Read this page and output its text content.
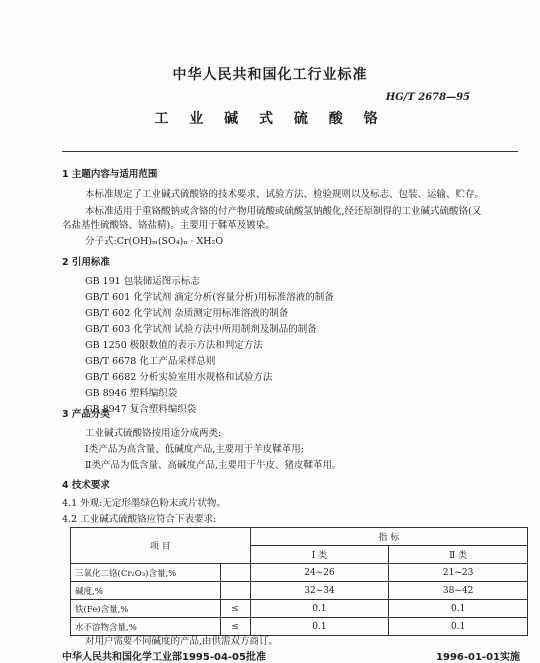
中华人民共和国化工行业标准
HG/T 2678—95
工 业 碱 式 硫 酸 铬
1 主题内容与适用范围
本标准规定了工业碱式硫酸铬的技术要求、试验方法、检验规则以及标志、包装、运输、贮存。
本标准适用于重铬酸钠或含铬的付产物用硫酸或硫酸氢钠酸化,经还原制得的工业碱式硫酸铬(又
名盐基性硫酸铬、铬盐精)。主要用于鞣革及镀染。
分子式:Cr(OH)ₘ(SO₄)ₙ · XH₂O
2 引用标准
GB 191 包装储运图示标志
GB/T 601 化学试剂 滴定分析(容量分析)用标准溶液的制备
GB/T 602 化学试剂 杂质测定用标准溶液的制备
GB/T 603 化学试剂 试验方法中所用制剂及制品的制备
GB 1250 极限数值的表示方法和判定方法
GB/T 6678 化工产品采样总则
GB/T 6682 分析实验室用水规格和试验方法
GB 8946 塑料编织袋
GB 8947 复合塑料编织袋
3 产品分类
工业碱式硫酸铬按用途分成两类:
Ⅰ类产品为高含量、低碱度产品,主要用于羊皮鞣革用;
Ⅱ类产品为低含量、高碱度产品,主要用于牛皮、猪皮鞣革用。
4 技术要求
4.1 外观:无定形墨绿色粉末或片状物。
4.2 工业碱式硫酸铬应符合下表要求:
项 目		指 标	
		Ⅰ 类	Ⅱ 类
三氧化二铬(Cr₂O₃)含量,%		24~26	21~23
碱度,%		32~34	38~42
铁(Fe)含量,%	≤	0.1	0.1
水不溶物含量,%	≤	0.1	0.1
对用户需要不同碱度的产品,由供需双方商订。
中华人民共和国化学工业部1995-04-05批准	1996-01-01实施
